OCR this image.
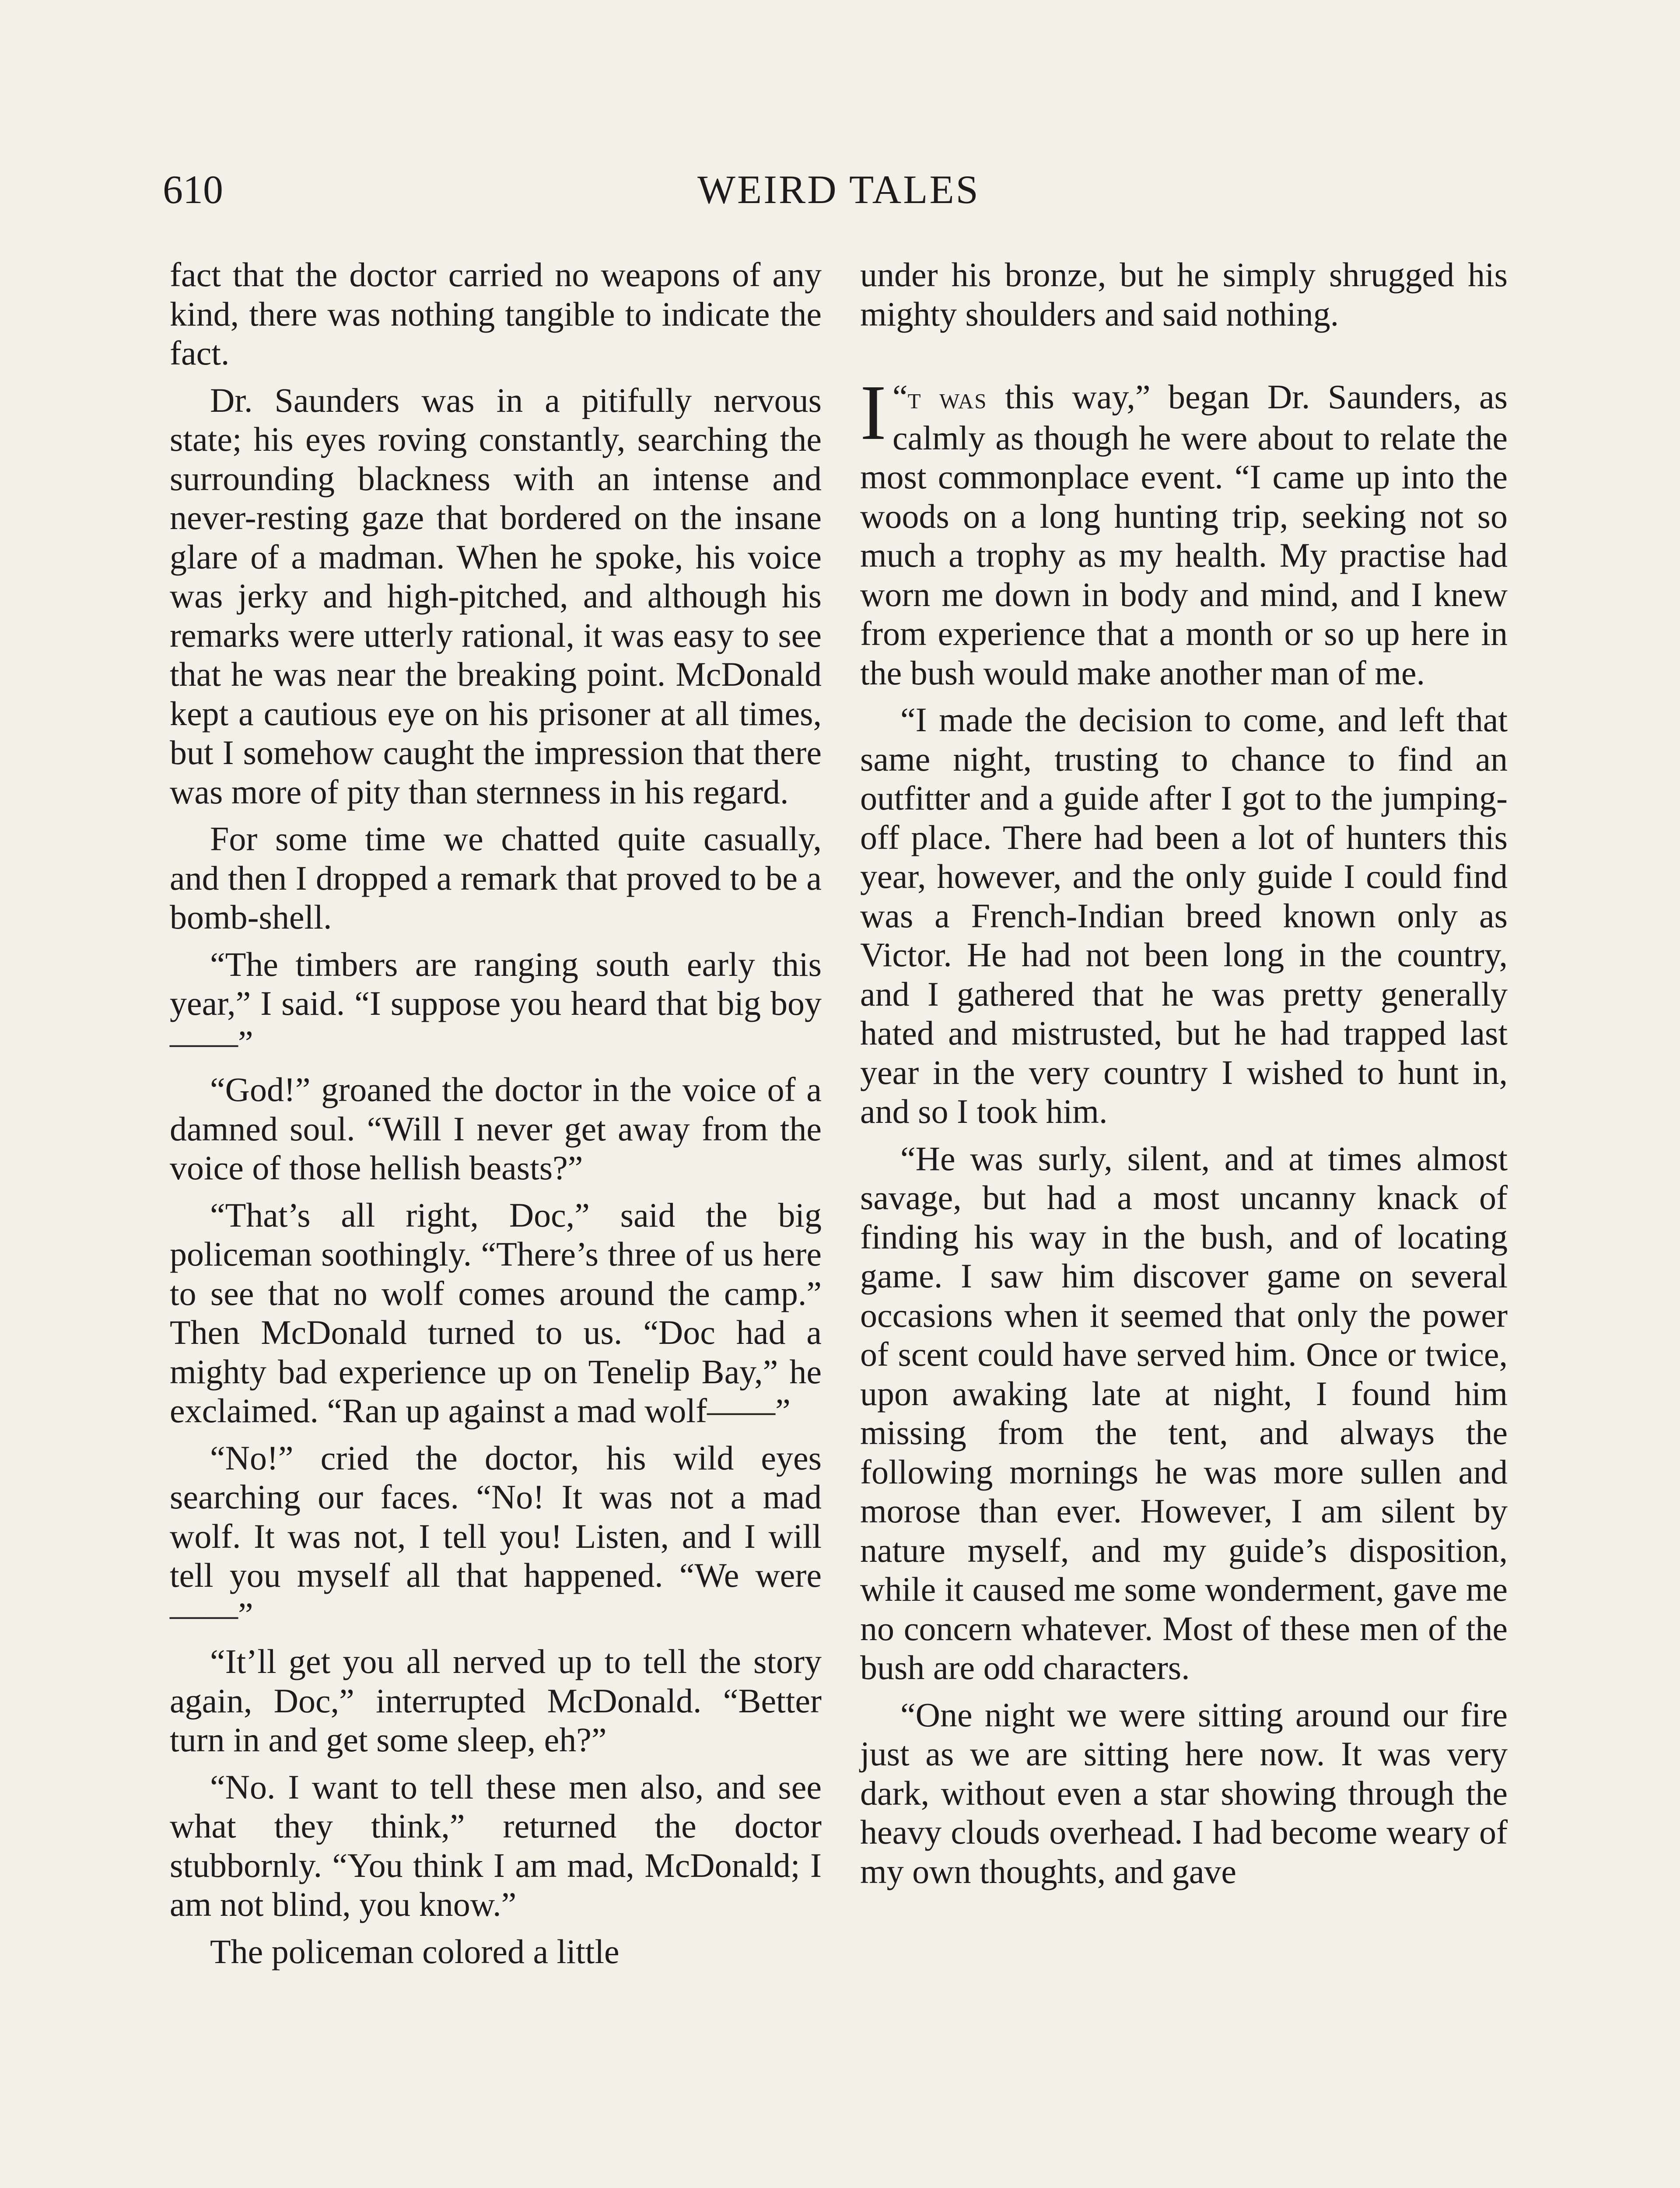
610	WEIRD TALES

fact that the doctor carried no weapons of any kind, there was nothing tangible to indicate the fact.

Dr. Saunders was in a pitifully nervous state; his eyes roving constantly, searching the surrounding blackness with an intense and never-resting gaze that bordered on the insane glare of a madman. When he spoke, his voice was jerky and high-pitched, and although his remarks were utterly rational, it was easy to see that he was near the breaking point. McDonald kept a cautious eye on his prisoner at all times, but I somehow caught the impression that there was more of pity than sternness in his regard.

For some time we chatted quite casually, and then I dropped a remark that proved to be a bomb-shell.

“The timbers are ranging south early this year,” I said. “I suppose you heard that big boy——”

“God!” groaned the doctor in the voice of a damned soul. “Will I never get away from the voice of those hellish beasts?”

“That’s all right, Doc,” said the big policeman soothingly. “There’s three of us here to see that no wolf comes around the camp.” Then McDonald turned to us. “Doc had a mighty bad experience up on Tenelip Bay,” he exclaimed. “Ran up against a mad wolf——”

“No!” cried the doctor, his wild eyes searching our faces. “No! It was not a mad wolf. It was not, I tell you! Listen, and I will tell you myself all that happened. “We were——”

“It’ll get you all nerved up to tell the story again, Doc,” interrupted McDonald. “Better turn in and get some sleep, eh?”

“No. I want to tell these men also, and see what they think,” returned the doctor stubbornly. “You think I am mad, McDonald; I am not blind, you know.”

The policeman colored a little

under his bronze, but he simply shrugged his mighty shoulders and said nothing.

“
I t was this way,” began Dr. Saunders, as calmly as though he were about to relate the most commonplace event. “I came up into the woods on a long hunting trip, seeking not so much a trophy as my health. My practise had worn me down in body and mind, and I knew from experience that a month or so up here in the bush would make another man of me.

“I made the decision to come, and left that same night, trusting to chance to find an outfitter and a guide after I got to the jumping-off place. There had been a lot of hunters this year, however, and the only guide I could find was a French-Indian breed known only as Victor. He had not been long in the country, and I gathered that he was pretty generally hated and mistrusted, but he had trapped last year in the very country I wished to hunt in, and so I took him.

“He was surly, silent, and at times almost savage, but had a most uncanny knack of finding his way in the bush, and of locating game. I saw him discover game on several occasions when it seemed that only the power of scent could have served him. Once or twice, upon awaking late at night, I found him missing from the tent, and always the following mornings he was more sullen and morose than ever. However, I am silent by nature myself, and my guide’s disposition, while it caused me some wonderment, gave me no concern whatever. Most of these men of the bush are odd characters.

“One night we were sitting around our fire just as we are sitting here now. It was very dark, without even a star showing through the heavy clouds overhead. I had become weary of my own thoughts, and gave
